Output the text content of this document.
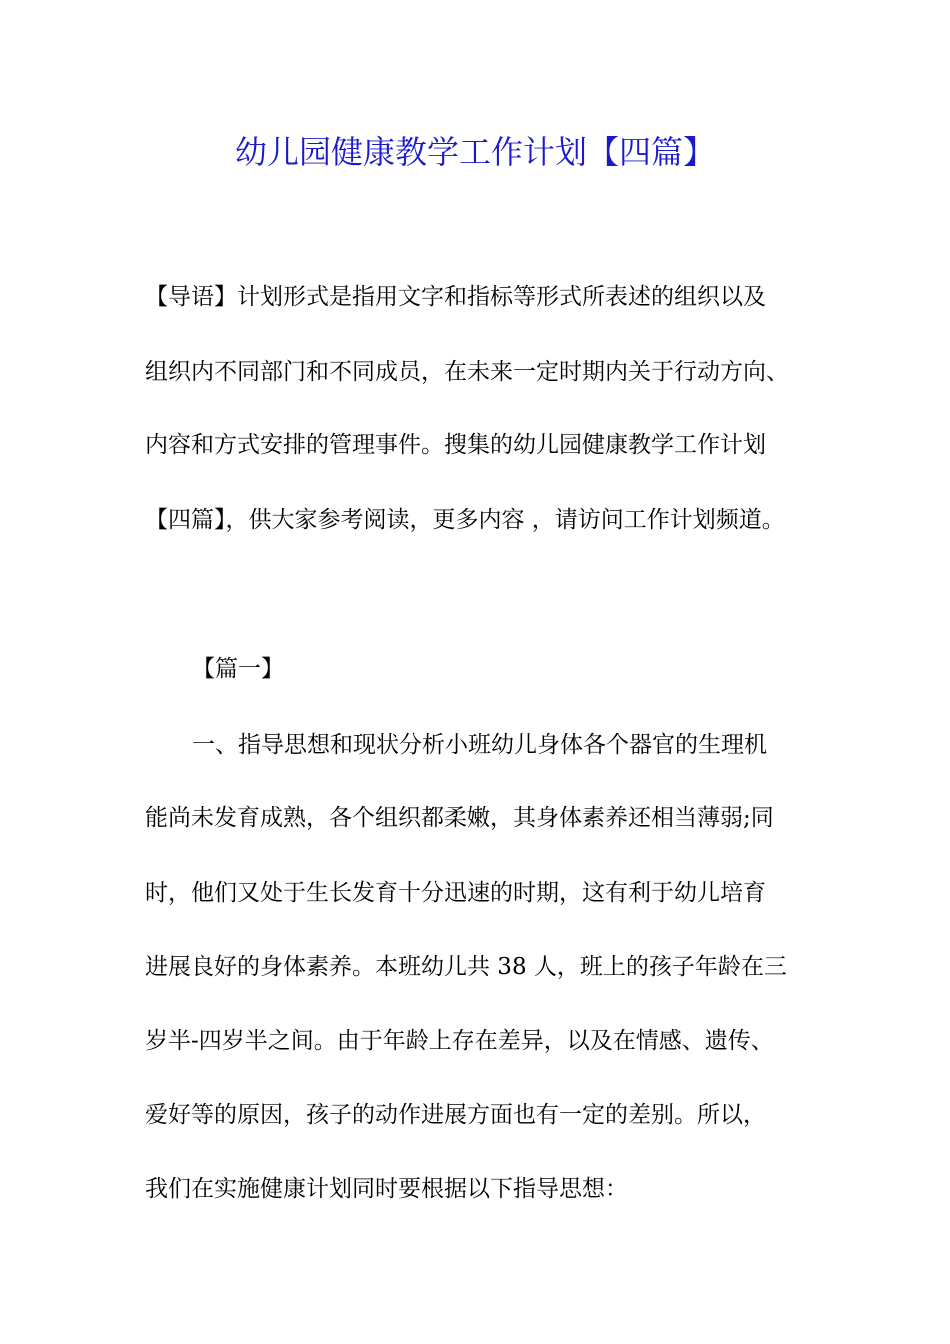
幼儿园健康教学工作计划【四篇】
【导语】计划形式是指用文字和指标等形式所表述的组织以及
组织内不同部门和不同成员，在未来一定时期内关于行动方向、
内容和方式安排的管理事件。搜集的幼儿园健康教学工作计划
【四篇】，供大家参考阅读，更多内容 ，请访问工作计划频道。
【篇一】
一、指导思想和现状分析小班幼儿身体各个器官的生理机
能尚未发育成熟，各个组织都柔嫩，其身体素养还相当薄弱;同
时，他们又处于生长发育十分迅速的时期，这有利于幼儿培育
进展良好的身体素养。本班幼儿共 38 人，班上的孩子年龄在三
岁半-四岁半之间。由于年龄上存在差异，以及在情感、遗传、
爱好等的原因，孩子的动作进展方面也有一定的差别。所以，
我们在实施健康计划同时要根据以下指导思想：
